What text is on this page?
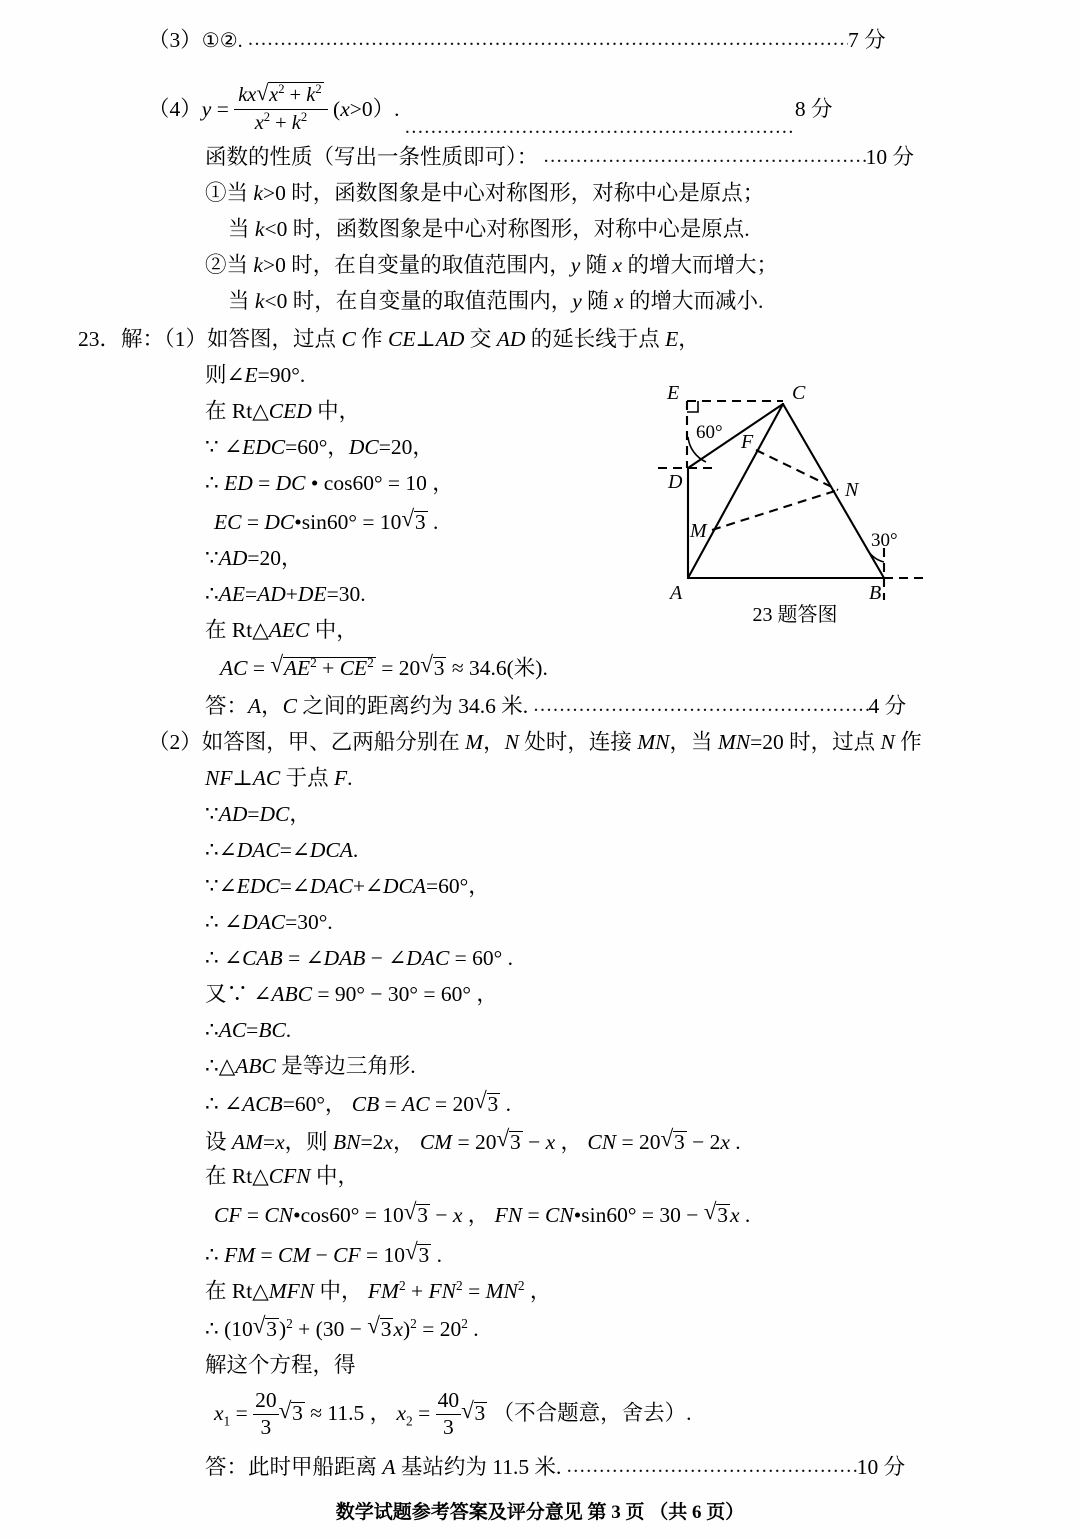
（3）①②. .....	7 分
$(4)y = \frac{kx √ x^2 + k^2}{x^2 + k^2} (x>0)$. .....	8 分
函数的性质（写出一条性质即可）： .....	10 分
①当 k>0 时，函数图象是中心对称图形，对称中心是原点；
当 k<0 时，函数图象是中心对称图形，对称中心是原点.
②当 k>0 时，在自变量的取值范围内，y 随 x 的增大而增大；
当 k<0 时，在自变量的取值范围内，y 随 x 的增大而减小.
23．解：（1）如答图，过点 C 作 CE⊥AD 交 AD 的延长线于点 E，
则∠E=90°.
在 Rt△CED 中，
∵ ∠EDC=60°，DC=20，
∴ ED = DC • cos60° = 10 ，
EC = DC•sin60° = 10 √ 3 .
∵AD=20，
∴AE=AD+DE=30.
在 Rt△AEC 中，
AC = √ $AE^2 + CE^2 = 20$ √ 3 ≈ 34.6(米).
答：A，C 之间的距离约为 34.6 米. .....	4 分
（2）如答图，甲、乙两船分别在 M，N 处时，连接 MN，当 MN=20 时，过点 N 作
NF⊥AC 于点 F.
∵AD=DC，
∴∠DAC=∠DCA.
∵∠EDC=∠DAC+∠DCA=60°，
∴ ∠DAC=30°.
∴ ∠CAB = ∠DAB − ∠DAC = 60° .
又∵ ∠ABC = 90° − 30° = 60° ，
∴AC=BC.
∴△ABC 是等边三角形.
∴ ∠ACB=60°， CB = AC = 20 √ 3 .
设 AM=x，则 BN=2x， CM = 20 √ 3 − x ， CN = 20 √ 3 − 2x .
在 Rt△CFN 中，
CF = CN•cos60° = 10 √ 3 − x ， FN = CN•sin60° = 30 − √ 3x .
∴ FM = CM − CF = 10 √ 3 .
在 Rt△MFN 中， $FM^2 + FN^2 = MN^2$ ，
∴ (10 √ 3)$^2$ + (30 − √ $3x)^2 = 20^2$ .
解这个方程，得
$x_1 = \frac{20}{3}$ √ 3 ≈ 11.5 ， $x_2 = \frac{40}{3}$ √ 3 （不合题意，舍去）.
答：此时甲船距离 A 基站约为 11.5 米. .....	10 分
E	C
F
D	N
M
A	B
60°
30°
23 题答图
数学试题参考答案及评分意见 第 3 页 （共 6 页）
